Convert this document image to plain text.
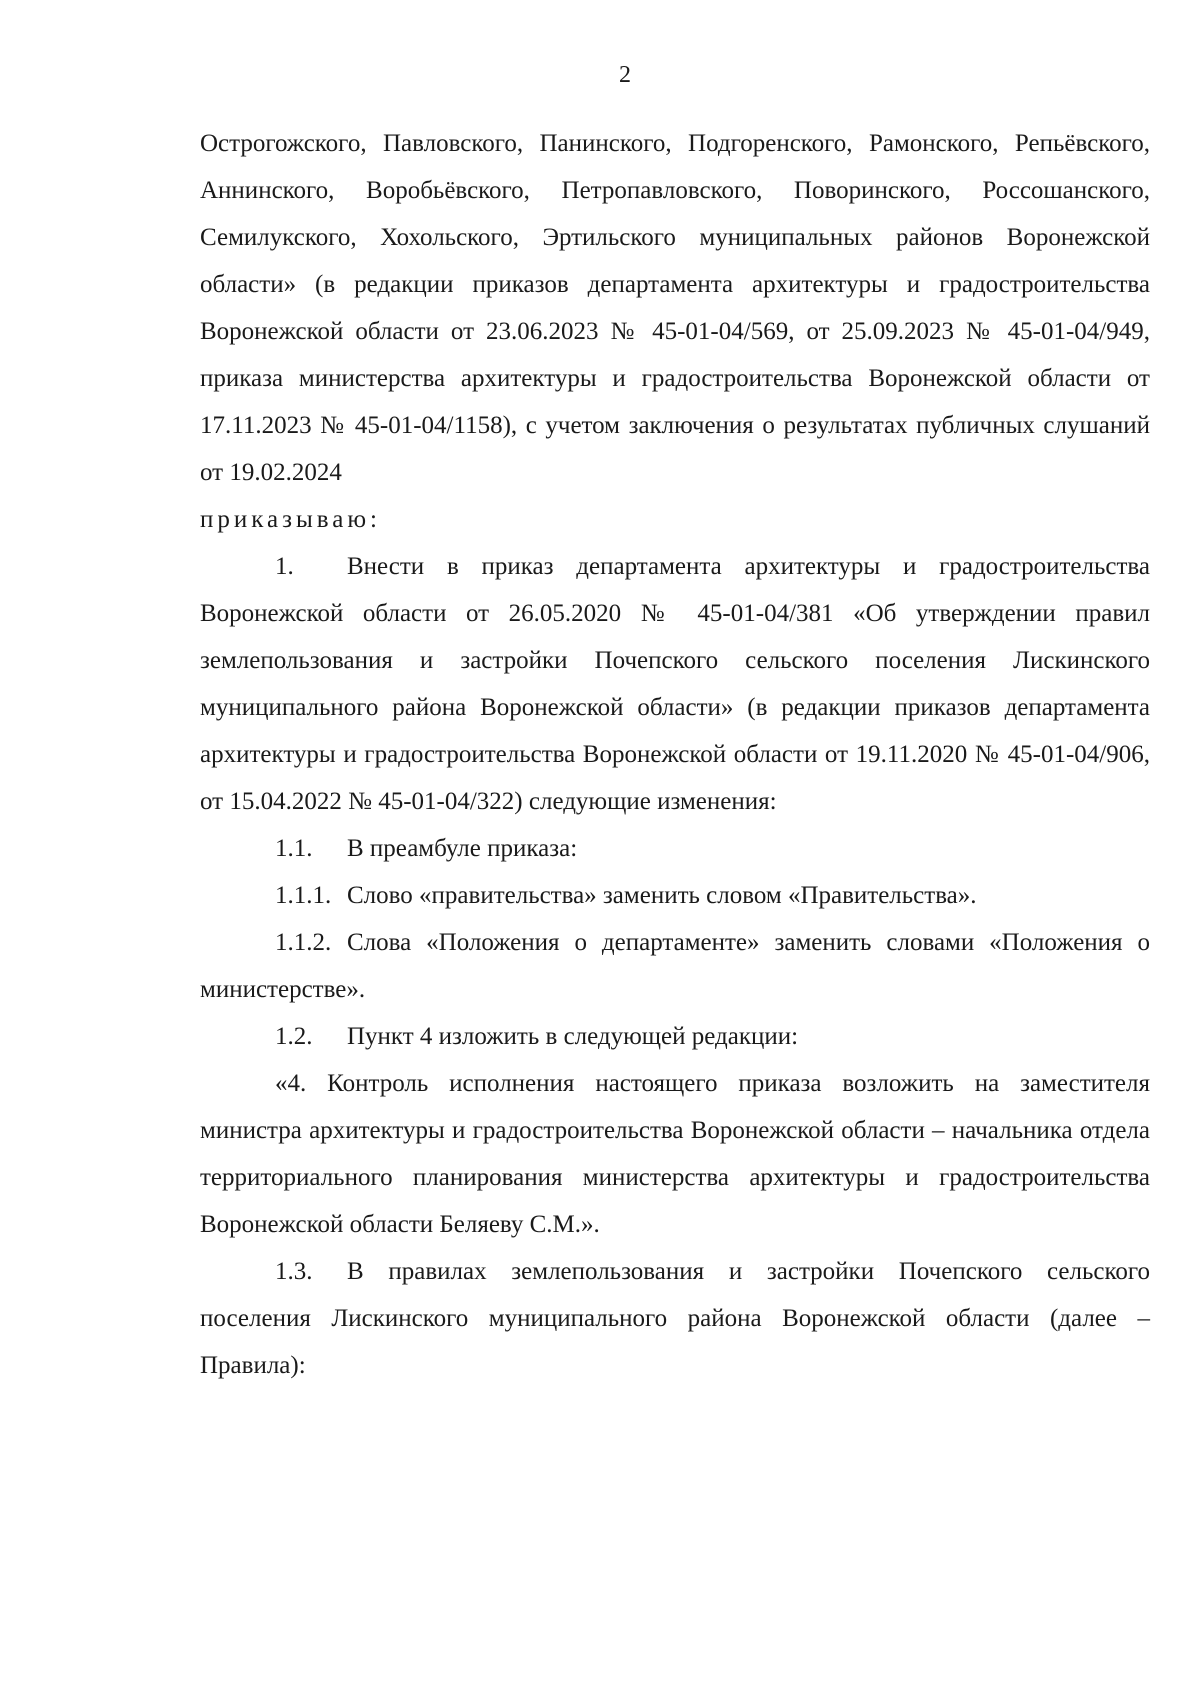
2

Острогожского, Павловского, Панинского, Подгоренского, Рамонского, Репьёвского, Аннинского, Воробьёвского, Петропавловского, Поворинского, Россошанского, Семилукского, Хохольского, Эртильского муниципальных районов Воронежской области» (в редакции приказов департамента архитектуры и градостроительства Воронежской области от 23.06.2023 № 45-01-04/569, от 25.09.2023 № 45-01-04/949, приказа министерства архитектуры и градостроительства Воронежской области от 17.11.2023 № 45-01-04/1158), с учетом заключения о результатах публичных слушаний от 19.02.2024

приказываю:

1. Внести в приказ департамента архитектуры и градостроительства Воронежской области от 26.05.2020 № 45-01-04/381 «Об утверждении правил землепользования и застройки Почепского сельского поселения Лискинского муниципального района Воронежской области» (в редакции приказов департамента архитектуры и градостроительства Воронежской области от 19.11.2020 № 45-01-04/906, от 15.04.2022 № 45-01-04/322) следующие изменения:

1.1. В преамбуле приказа:

1.1.1. Слово «правительства» заменить словом «Правительства».

1.1.2. Слова «Положения о департаменте» заменить словами «Положения о министерстве».

1.2. Пункт 4 изложить в следующей редакции:

«4. Контроль исполнения настоящего приказа возложить на заместителя министра архитектуры и градостроительства Воронежской области – начальника отдела территориального планирования министерства архитектуры и градостроительства Воронежской области Беляеву С.М.».

1.3. В правилах землепользования и застройки Почепского сельского поселения Лискинского муниципального района Воронежской области (далее – Правила):
